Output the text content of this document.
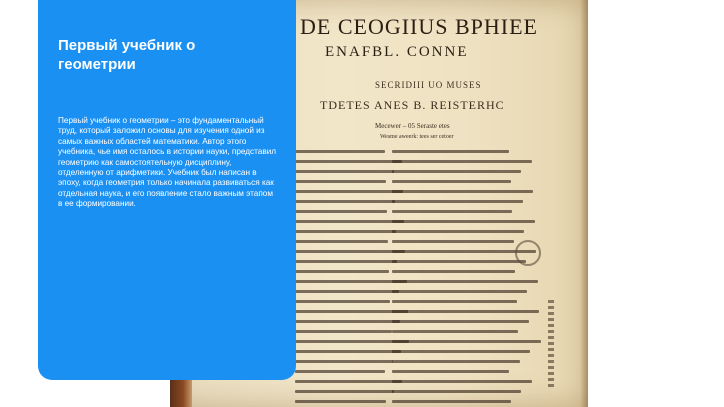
DE CEOGIIUS BPHIEE
ENAFBL. CONNE
SECRIDIII UO MUSES
TDETES ANES B. REISTERHC
Mecewer – 05 Seraste etes
Wesme aweerk: tees ser cetoer
Первый учебник о геометрии
Первый учебник о геометрии – это фундаментальный труд, который заложил основы для изучения одной из самых важных областей математики. Автор этого учебника, чье имя осталось в истории науки, представил геометрию как самостоятельную дисциплину, отделенную от арифметики. Учебник был написан в эпоху, когда геометрия только начинала развиваться как отдельная наука, и его появление стало важным этапом в ее формировании.
